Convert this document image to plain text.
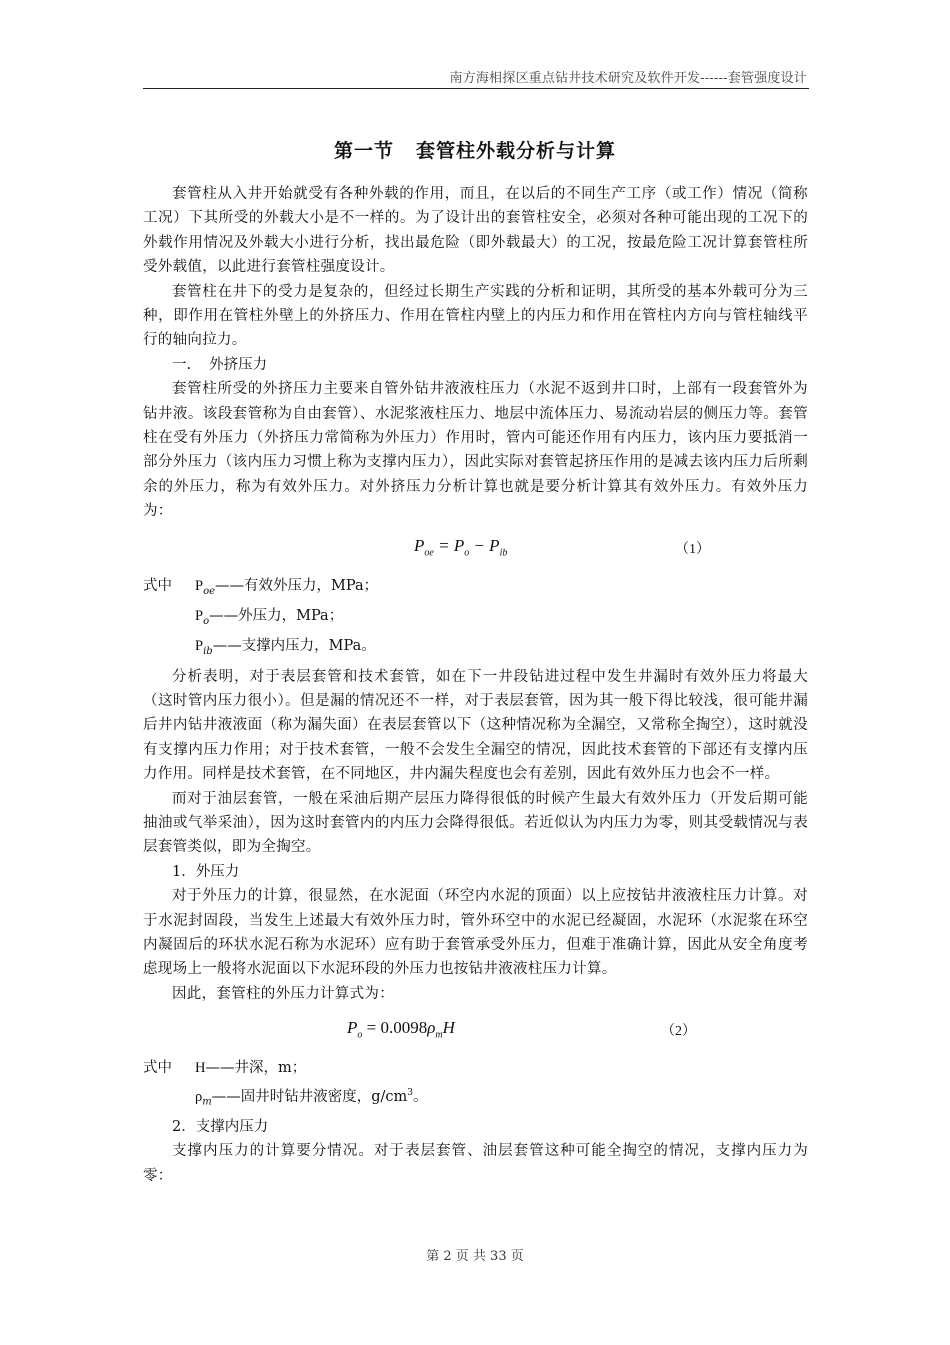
南方海相探区重点钻井技术研究及软件开发------套管强度设计
第一节 套管柱外载分析与计算

套管柱从入井开始就受有各种外载的作用，而且，在以后的不同生产工序（或工作）情况（简称工况）下其所受的外载大小是不一样的。为了设计出的套管柱安全，必须对各种可能出现的工况下的外载作用情况及外载大小进行分析，找出最危险（即外载最大）的工况，按最危险工况计算套管柱所受外载值，以此进行套管柱强度设计。

套管柱在井下的受力是复杂的，但经过长期生产实践的分析和证明，其所受的基本外载可分为三种，即作用在管柱外壁上的外挤压力、作用在管柱内壁上的内压力和作用在管柱内方向与管柱轴线平行的轴向拉力。

一. 外挤压力

套管柱所受的外挤压力主要来自管外钻井液液柱压力（水泥不返到井口时，上部有一段套管外为钻井液。该段套管称为自由套管）、水泥浆液柱压力、地层中流体压力、易流动岩层的侧压力等。套管柱在受有外压力（外挤压力常简称为外压力）作用时，管内可能还作用有内压力，该内压力要抵消一部分外压力（该内压力习惯上称为支撑内压力），因此实际对套管起挤压作用的是减去该内压力后所剩余的外压力，称为有效外压力。对外挤压力分析计算也就是要分析计算其有效外压力。有效外压力为：

$P_{oe} = P_o - P_{ib}$	（1）

式中 $P_{oe}——$有效外压力，MPa；
$P_o——$外压力，MPa；
$P_{ib}——$支撑内压力，MPa。

分析表明，对于表层套管和技术套管，如在下一井段钻进过程中发生井漏时有效外压力将最大（这时管内压力很小）。但是漏的情况还不一样，对于表层套管，因为其一般下得比较浅，很可能井漏后井内钻井液液面（称为漏失面）在表层套管以下（这种情况称为全漏空，又常称全掏空），这时就没有支撑内压力作用；对于技术套管，一般不会发生全漏空的情况，因此技术套管的下部还有支撑内压力作用。同样是技术套管，在不同地区，井内漏失程度也会有差别，因此有效外压力也会不一样。

而对于油层套管，一般在采油后期产层压力降得很低的时候产生最大有效外压力（开发后期可能抽油或气举采油），因为这时套管内的内压力会降得很低。若近似认为内压力为零，则其受载情况与表层套管类似，即为全掏空。

1．外压力

对于外压力的计算，很显然，在水泥面（环空内水泥的顶面）以上应按钻井液液柱压力计算。对于水泥封固段，当发生上述最大有效外压力时，管外环空中的水泥已经凝固，水泥环（水泥浆在环空内凝固后的环状水泥石称为水泥环）应有助于套管承受外压力，但难于准确计算，因此从安全角度考虑现场上一般将水泥面以下水泥环段的外压力也按钻井液液柱压力计算。

因此，套管柱的外压力计算式为：

$P_o = 0.0098\rho_mH$	（2）

式中 H——井深，m；
$\rho_m——$固井时钻井液密度，$g/cm^3$。

2．支撑内压力

支撑内压力的计算要分情况。对于表层套管、油层套管这种可能全掏空的情况，支撑内压力为零：

第 2 页 共 33 页
